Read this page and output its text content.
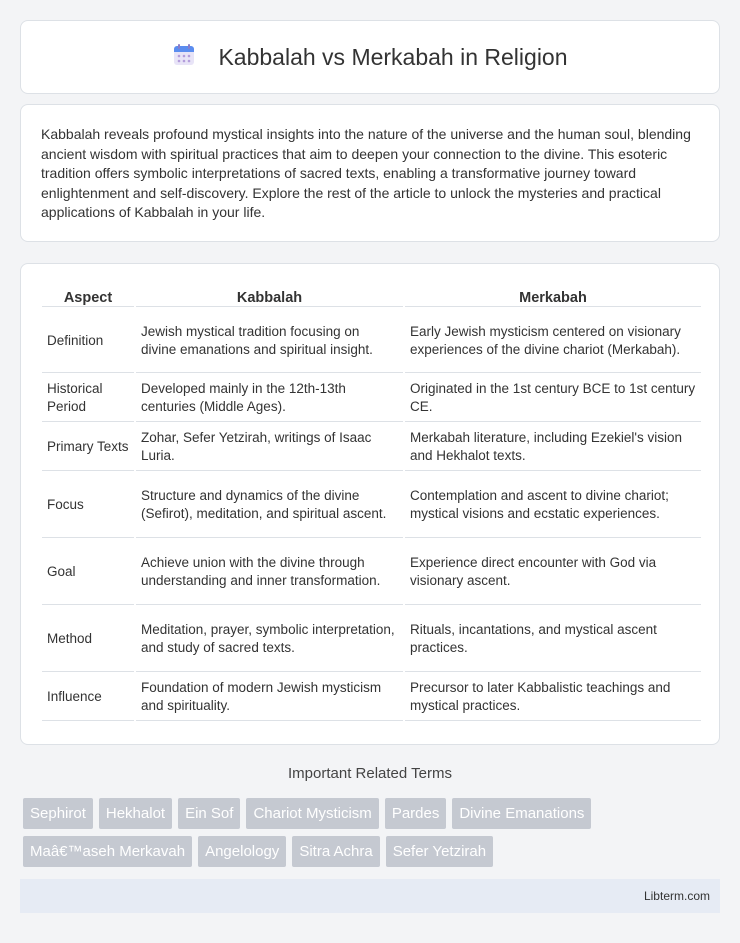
Kabbalah vs Merkabah in Religion

Kabbalah reveals profound mystical insights into the nature of the universe and the human soul, blending ancient wisdom with spiritual practices that aim to deepen your connection to the divine. This esoteric tradition offers symbolic interpretations of sacred texts, enabling a transformative journey toward enlightenment and self-discovery. Explore the rest of the article to unlock the mysteries and practical applications of Kabbalah in your life.

Aspect	Kabbalah	Merkabah
Definition	Jewish mystical tradition focusing on divine emanations and spiritual insight.	Early Jewish mysticism centered on visionary experiences of the divine chariot (Merkabah).
Historical Period	Developed mainly in the 12th-13th centuries (Middle Ages).	Originated in the 1st century BCE to 1st century CE.
Primary Texts	Zohar, Sefer Yetzirah, writings of Isaac Luria.	Merkabah literature, including Ezekiel's vision and Hekhalot texts.
Focus	Structure and dynamics of the divine (Sefirot), meditation, and spiritual ascent.	Contemplation and ascent to divine chariot; mystical visions and ecstatic experiences.
Goal	Achieve union with the divine through understanding and inner transformation.	Experience direct encounter with God via visionary ascent.
Method	Meditation, prayer, symbolic interpretation, and study of sacred texts.	Rituals, incantations, and mystical ascent practices.
Influence	Foundation of modern Jewish mysticism and spirituality.	Precursor to later Kabbalistic teachings and mystical practices.
Important Related Terms
Sephirot	Hekhalot	Ein Sof	Chariot Mysticism	Pardes	Divine Emanations
Maâ€™aseh Merkavah	Angelology	Sitra Achra	Sefer Yetzirah
Libterm.com
